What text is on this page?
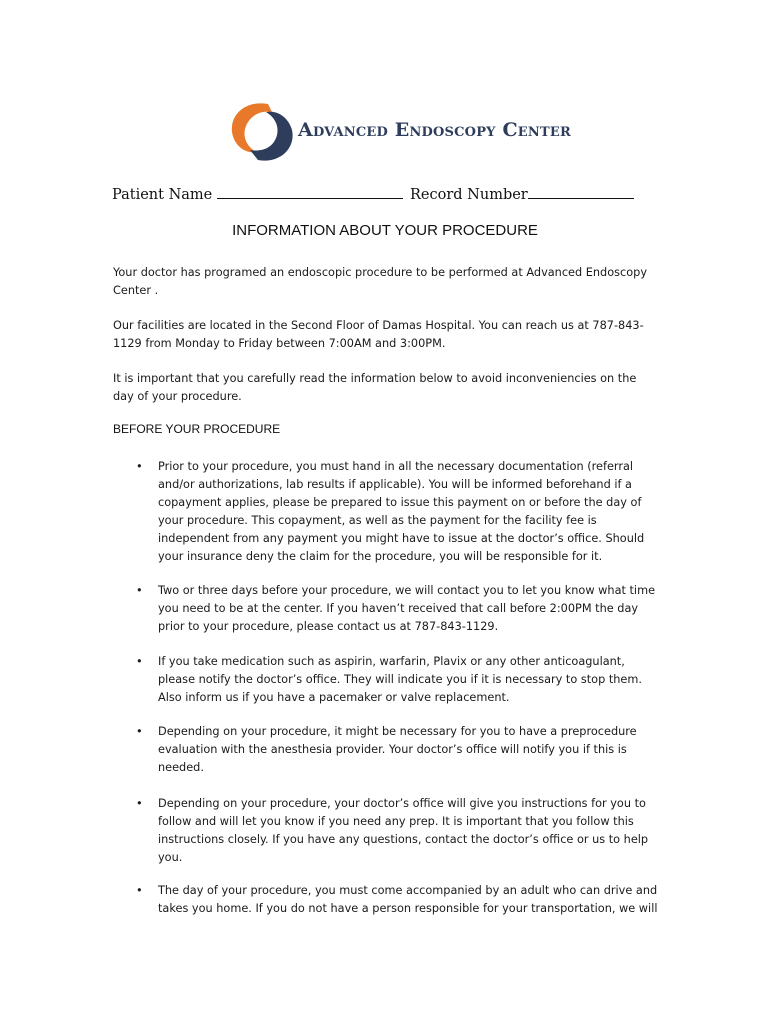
Advanced Endoscopy Center
Patient Name	Record Number
INFORMATION ABOUT YOUR PROCEDURE
Your doctor has programed an endoscopic procedure to be performed at Advanced Endoscopy Center .
Our facilities are located in the Second Floor of Damas Hospital. You can reach us at 787-843-1129 from Monday to Friday between 7:00AM and 3:00PM.
It is important that you carefully read the information below to avoid inconveniencies on the day of your procedure.
BEFORE YOUR PROCEDURE
• Prior to your procedure, you must hand in all the necessary documentation (referral and/or authorizations, lab results if applicable). You will be informed beforehand if a copayment applies, please be prepared to issue this payment on or before the day of your procedure. This copayment, as well as the payment for the facility fee is independent from any payment you might have to issue at the doctor’s office. Should your insurance deny the claim for the procedure, you will be responsible for it.
• Two or three days before your procedure, we will contact you to let you know what time you need to be at the center. If you haven’t received that call before 2:00PM the day prior to your procedure, please contact us at 787-843-1129.
• If you take medication such as aspirin, warfarin, Plavix or any other anticoagulant, please notify the doctor’s office. They will indicate you if it is necessary to stop them. Also inform us if you have a pacemaker or valve replacement.
• Depending on your procedure, it might be necessary for you to have a preprocedure evaluation with the anesthesia provider. Your doctor’s office will notify you if this is needed.
• Depending on your procedure, your doctor’s office will give you instructions for you to follow and will let you know if you need any prep. It is important that you follow this instructions closely. If you have any questions, contact the doctor’s office or us to help you.
• The day of your procedure, you must come accompanied by an adult who can drive and takes you home. If you do not have a person responsible for your transportation, we will
